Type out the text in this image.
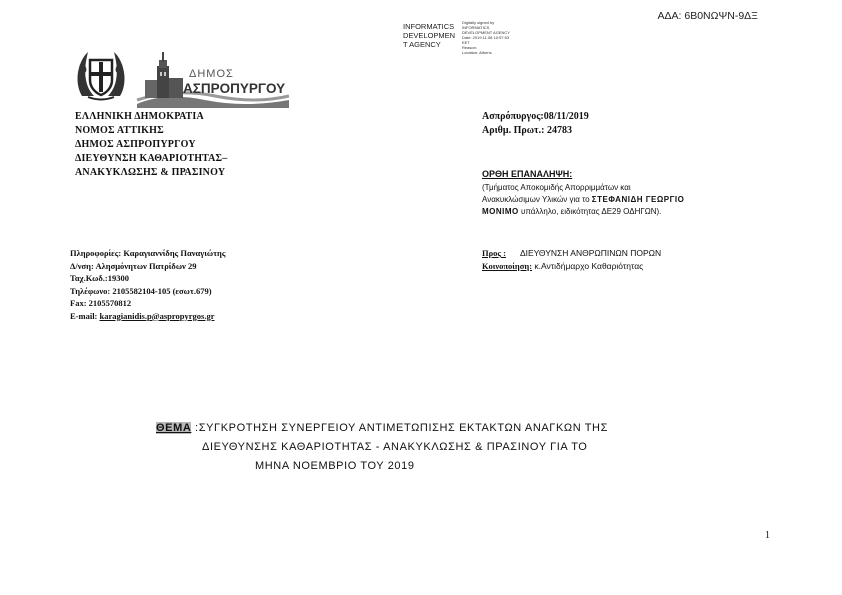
ΑΔΑ: 6Β0ΝΩΨΝ-9ΔΞ
INFORMATICS
DEVELOPMEN
T AGENCY
Digitally signed by
INFORMATICS
DEVELOPMENT AGENCY
Date: 2019.11.08 10:57:53
EET
Reason:
Location: Athens
ΔΗΜΟΣ
ΑΣΠΡΟΠΥΡΓΟΥ
ΕΛΛΗΝΙΚΗ ΔΗΜΟΚΡΑΤΙΑ
ΝΟΜΟΣ ΑΤΤΙΚΗΣ
ΔΗΜΟΣ ΑΣΠΡΟΠΥΡΓΟΥ
ΔΙΕΥΘΥΝΣΗ ΚΑΘΑΡΙΟΤΗΤΑΣ–
ΑΝΑΚΥΚΛΩΣΗΣ & ΠΡΑΣΙΝΟΥ
Ασπρόπυργος:08/11/2019
Αριθμ. Πρωτ.: 24783
ΟΡΘΗ ΕΠΑΝΑΛΗΨΗ:
(Τμήματος Αποκομιδής Απορριμμάτων και
Ανακυκλώσιμων Υλικών για το ΣΤΕΦΑΝΙΔΗ ΓΕΩΡΓΙΟ
ΜΟΝΙΜΟ υπάλληλο, ειδικότητας ΔΕ29 ΟΔΗΓΩΝ).
Πληροφορίες: Καραγιαννίδης Παναγιώτης
Δ/νση: Αλησμόνητων Πατρίδων 29
Ταχ.Κωδ.:19300
Τηλέφωνο: 2105582104-105 (εσωτ.679)
Fax: 2105570812
E-mail: karagianidis.p@aspropyrgos.gr
Προς : ΔΙΕΥΘΥΝΣΗ ΑΝΘΡΩΠΙΝΩΝ ΠΟΡΩΝ
Κοινοποίηση: κ.Αντιδήμαρχο Καθαριότητας
ΘΕΜΑ :ΣΥΓΚΡΟΤΗΣΗ ΣΥΝΕΡΓΕΙΟΥ ΑΝΤΙΜΕΤΩΠΙΣΗΣ ΕΚΤΑΚΤΩΝ ΑΝΑΓΚΩΝ ΤΗΣ
ΔΙΕΥΘΥΝΣΗΣ ΚΑΘΑΡΙΟΤΗΤΑΣ - ΑΝΑΚΥΚΛΩΣΗΣ & ΠΡΑΣΙΝΟΥ ΓΙΑ ΤΟ
ΜΗΝΑ ΝΟΕΜΒΡΙΟ ΤΟΥ 2019
1
